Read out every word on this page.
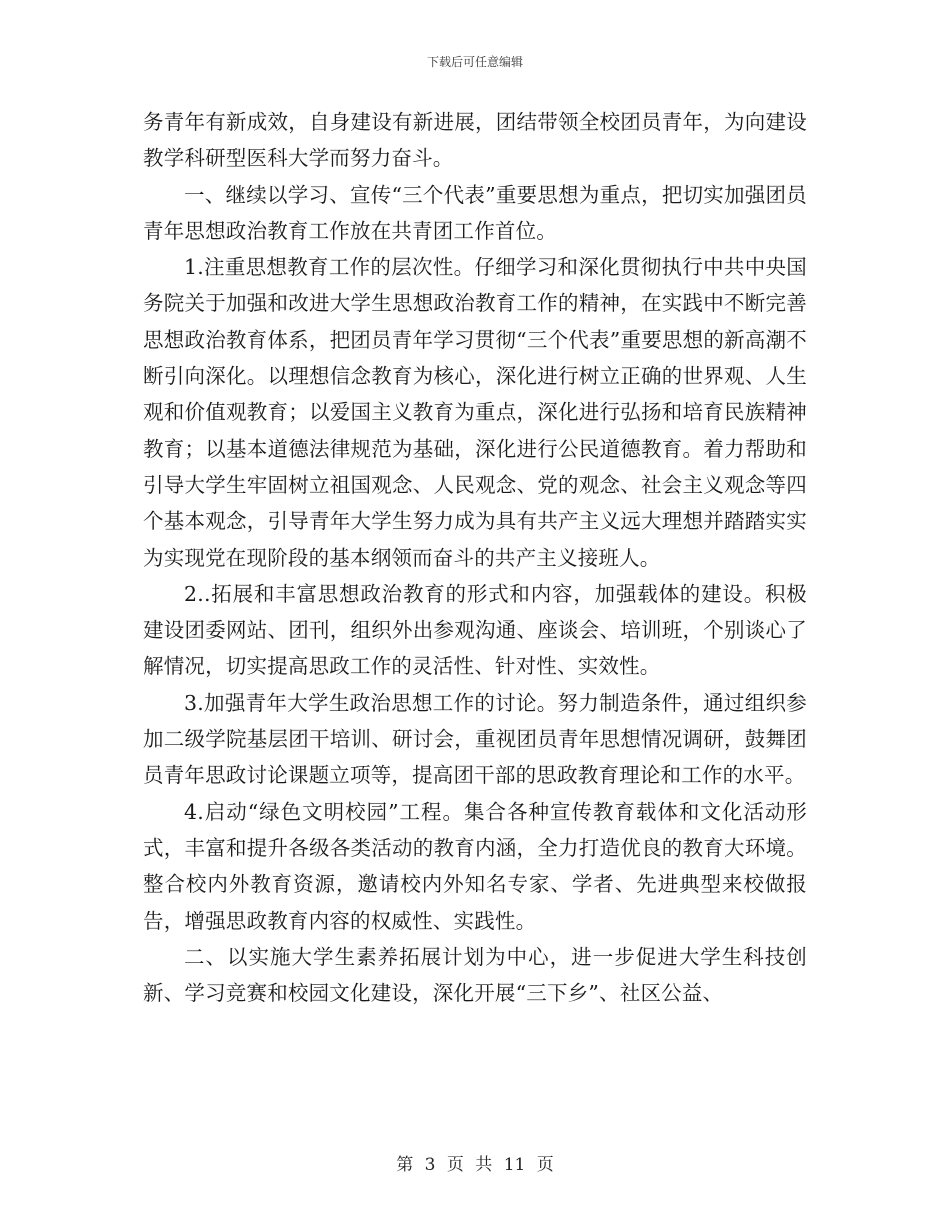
下载后可任意编辑

务青年有新成效，自身建设有新进展，团结带领全校团员青年，为向建设教学科研型医科大学而努力奋斗。

一、继续以学习、宣传“三个代表”重要思想为重点，把切实加强团员青年思想政治教育工作放在共青团工作首位。

1.注重思想教育工作的层次性。仔细学习和深化贯彻执行中共中央国务院关于加强和改进大学生思想政治教育工作的精神，在实践中不断完善思想政治教育体系，把团员青年学习贯彻“三个代表”重要思想的新高潮不断引向深化。以理想信念教育为核心，深化进行树立正确的世界观、人生观和价值观教育；以爱国主义教育为重点，深化进行弘扬和培育民族精神教育；以基本道德法律规范为基础，深化进行公民道德教育。着力帮助和引导大学生牢固树立祖国观念、人民观念、党的观念、社会主义观念等四个基本观念，引导青年大学生努力成为具有共产主义远大理想并踏踏实实为实现党在现阶段的基本纲领而奋斗的共产主义接班人。

2..拓展和丰富思想政治教育的形式和内容，加强载体的建设。积极建设团委网站、团刊，组织外出参观沟通、座谈会、培训班，个别谈心了解情况，切实提高思政工作的灵活性、针对性、实效性。

3.加强青年大学生政治思想工作的讨论。努力制造条件，通过组织参加二级学院基层团干培训、研讨会，重视团员青年思想情况调研，鼓舞团员青年思政讨论课题立项等，提高团干部的思政教育理论和工作的水平。

4.启动“绿色文明校园”工程。集合各种宣传教育载体和文化活动形式，丰富和提升各级各类活动的教育内涵，全力打造优良的教育大环境。整合校内外教育资源，邀请校内外知名专家、学者、先进典型来校做报告，增强思政教育内容的权威性、实践性。

二、以实施大学生素养拓展计划为中心，进一步促进大学生科技创新、学习竞赛和校园文化建设，深化开展“三下乡”、社区公益、

第 3 页 共 11 页
